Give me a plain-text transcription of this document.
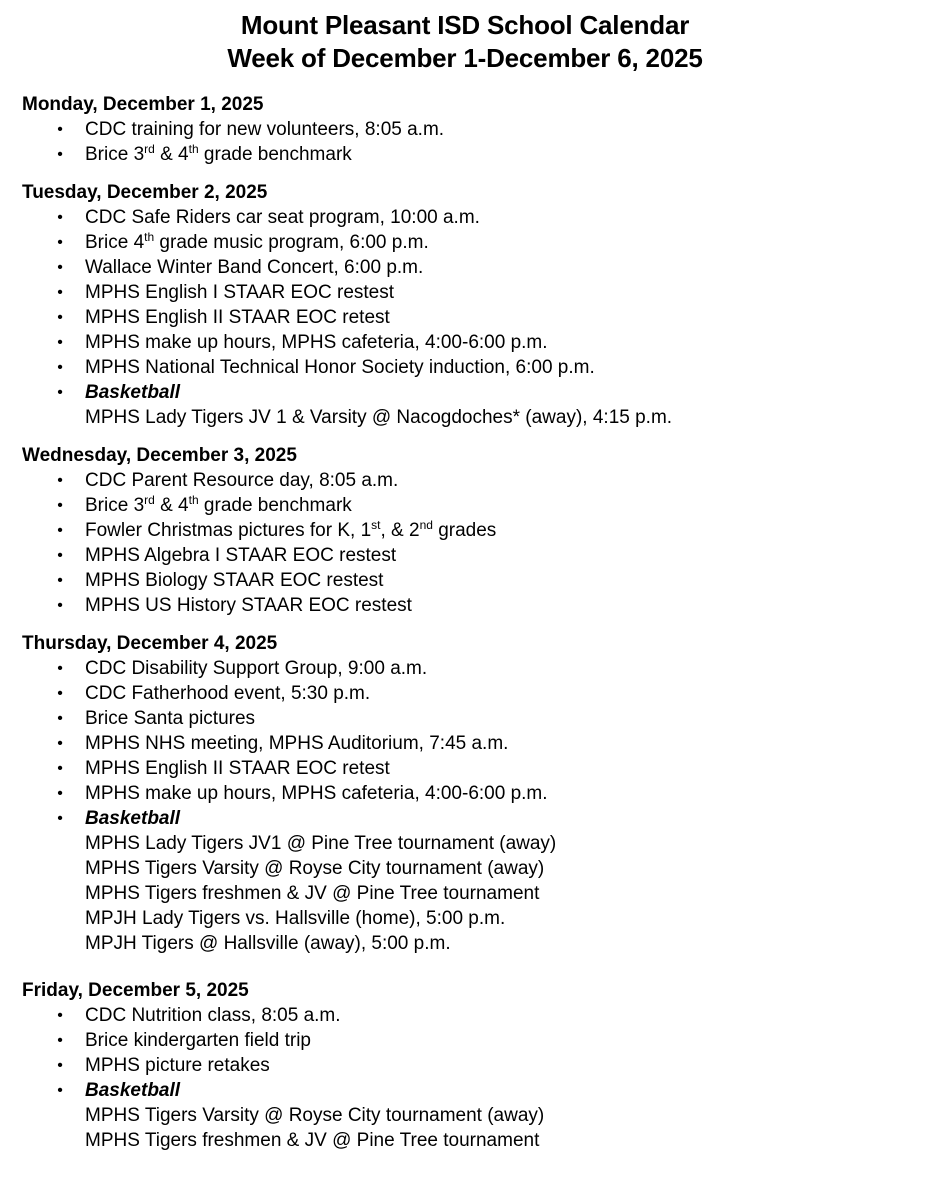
Mount Pleasant ISD School Calendar
Week of December 1-December 6, 2025
Monday, December 1, 2025
• CDC training for new volunteers, 8:05 a.m.
• Brice 3rd & 4th grade benchmark
Tuesday, December 2, 2025
• CDC Safe Riders car seat program, 10:00 a.m.
• Brice 4th grade music program, 6:00 p.m.
• Wallace Winter Band Concert, 6:00 p.m.
• MPHS English I STAAR EOC restest
• MPHS English II STAAR EOC retest
• MPHS make up hours, MPHS cafeteria, 4:00-6:00 p.m.
• MPHS National Technical Honor Society induction, 6:00 p.m.
• Basketball
MPHS Lady Tigers JV 1 & Varsity @ Nacogdoches* (away), 4:15 p.m.
Wednesday, December 3, 2025
• CDC Parent Resource day, 8:05 a.m.
• Brice 3rd & 4th grade benchmark
• Fowler Christmas pictures for K, 1st, & 2nd grades
• MPHS Algebra I STAAR EOC restest
• MPHS Biology STAAR EOC restest
• MPHS US History STAAR EOC restest
Thursday, December 4, 2025
• CDC Disability Support Group, 9:00 a.m.
• CDC Fatherhood event, 5:30 p.m.
• Brice Santa pictures
• MPHS NHS meeting, MPHS Auditorium, 7:45 a.m.
• MPHS English II STAAR EOC retest
• MPHS make up hours, MPHS cafeteria, 4:00-6:00 p.m.
• Basketball
MPHS Lady Tigers JV1 @ Pine Tree tournament (away)
MPHS Tigers Varsity @ Royse City tournament (away)
MPHS Tigers freshmen & JV @ Pine Tree tournament
MPJH Lady Tigers vs. Hallsville (home), 5:00 p.m.
MPJH Tigers @ Hallsville (away), 5:00 p.m.
Friday, December 5, 2025
• CDC Nutrition class, 8:05 a.m.
• Brice kindergarten field trip
• MPHS picture retakes
• Basketball
MPHS Tigers Varsity @ Royse City tournament (away)
MPHS Tigers freshmen & JV @ Pine Tree tournament
